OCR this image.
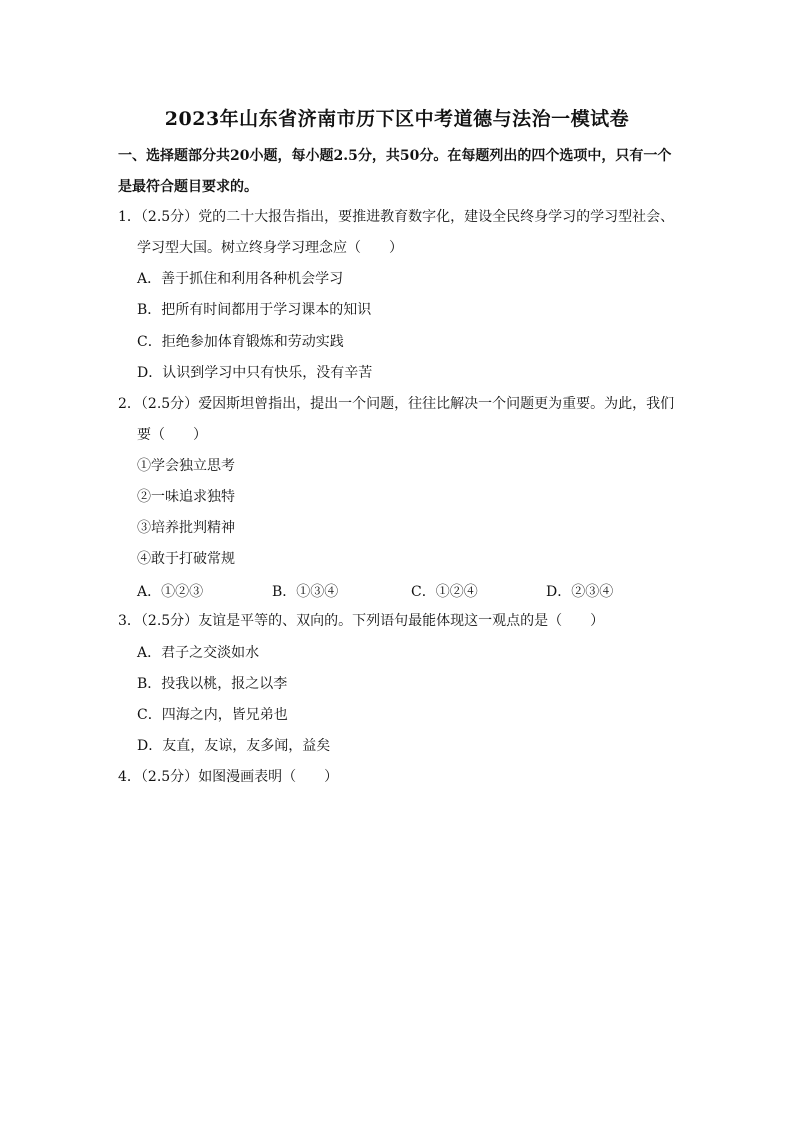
2023年山东省济南市历下区中考道德与法治一模试卷
一、选择题部分共20小题，每小题2.5分，共50分。在每题列出的四个选项中，只有一个
是最符合题目要求的。
1．（2.5分）党的二十大报告指出，要推进教育数字化，建设全民终身学习的学习型社会、
学习型大国。树立终身学习理念应（　　）
A．善于抓住和利用各种机会学习
B．把所有时间都用于学习课本的知识
C．拒绝参加体育锻炼和劳动实践
D．认识到学习中只有快乐，没有辛苦
2．（2.5分）爱因斯坦曾指出，提出一个问题，往往比解决一个问题更为重要。为此，我们
要（　　）
①学会独立思考
②一味追求独特
③培养批判精神
④敢于打破常规
A．①②③	B．①③④	C．①②④	D．②③④
3．（2.5分）友谊是平等的、双向的。下列语句最能体现这一观点的是（　　）
A．君子之交淡如水
B．投我以桃，报之以李
C．四海之内，皆兄弟也
D．友直，友谅，友多闻，益矣
4．（2.5分）如图漫画表明（　　）
